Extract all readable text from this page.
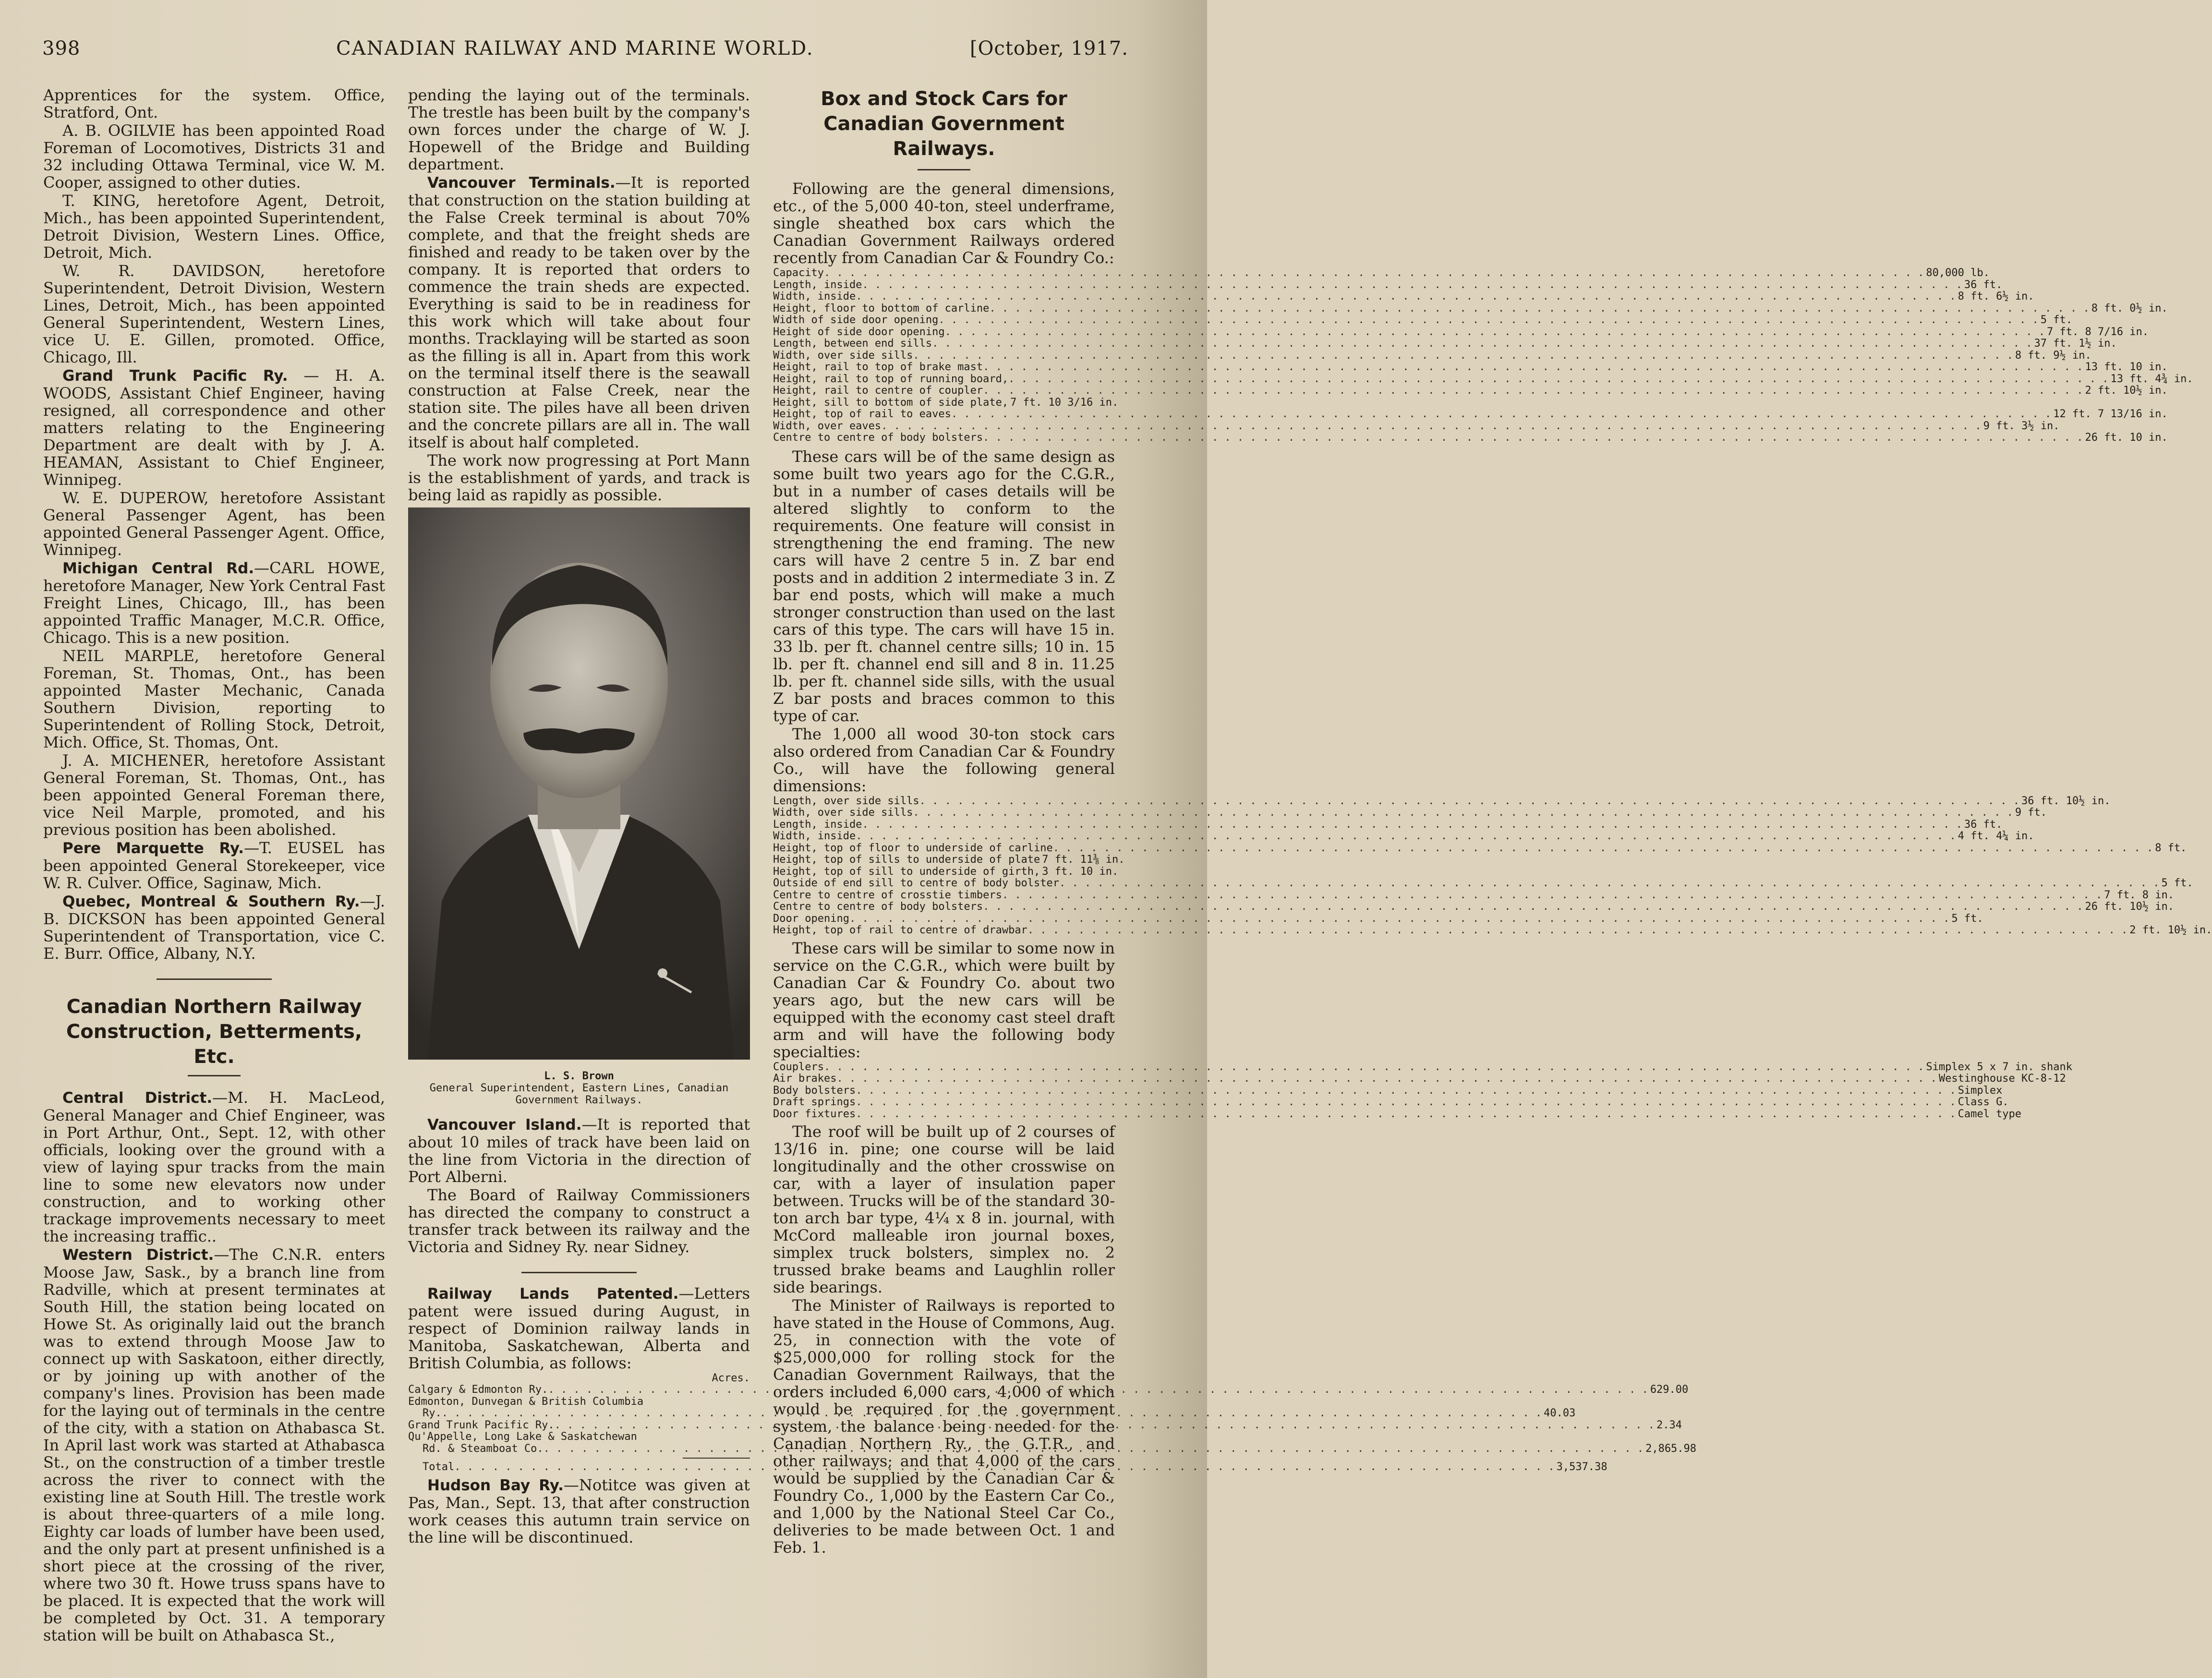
398	CANADIAN RAILWAY AND MARINE WORLD.	[October, 1917.

Apprentices for the system. Office, Stratford, Ont.

A. B. OGILVIE has been appointed Road Foreman of Locomotives, Districts 31 and 32 including Ottawa Terminal, vice W. M. Cooper, assigned to other duties.

T. KING, heretofore Agent, Detroit, Mich., has been appointed Superintendent, Detroit Division, Western Lines. Office, Detroit, Mich.

W. R. DAVIDSON, heretofore Superintendent, Detroit Division, Western Lines, Detroit, Mich., has been appointed General Superintendent, Western Lines, vice U. E. Gillen, promoted. Office, Chicago, Ill.

Grand Trunk Pacific Ry. — H. A. WOODS, Assistant Chief Engineer, having resigned, all correspondence and other matters relating to the Engineering Department are dealt with by J. A. HEAMAN, Assistant to Chief Engineer, Winnipeg.

W. E. DUPEROW, heretofore Assistant General Passenger Agent, has been appointed General Passenger Agent. Office, Winnipeg.

Michigan Central Rd.—CARL HOWE, heretofore Manager, New York Central Fast Freight Lines, Chicago, Ill., has been appointed Traffic Manager, M.C.R. Office, Chicago. This is a new position.

NEIL MARPLE, heretofore General Foreman, St. Thomas, Ont., has been appointed Master Mechanic, Canada Southern Division, reporting to Superintendent of Rolling Stock, Detroit, Mich. Office, St. Thomas, Ont.

J. A. MICHENER, heretofore Assistant General Foreman, St. Thomas, Ont., has been appointed General Foreman there, vice Neil Marple, promoted, and his previous position has been abolished.

Pere Marquette Ry.—T. EUSEL has been appointed General Storekeeper, vice W. R. Culver. Office, Saginaw, Mich.

Quebec, Montreal & Southern Ry.—J. B. DICKSON has been appointed General Superintendent of Transportation, vice C. E. Burr. Office, Albany, N.Y.

Canadian Northern Railway Construction, Betterments, Etc.

Central District.—M. H. MacLeod, General Manager and Chief Engineer, was in Port Arthur, Ont., Sept. 12, with other officials, looking over the ground with a view of laying spur tracks from the main line to some new elevators now under construction, and to working other trackage improvements necessary to meet the increasing traffic..

Western District.—The C.N.R. enters Moose Jaw, Sask., by a branch line from Radville, which at present terminates at South Hill, the station being located on Howe St. As originally laid out the branch was to extend through Moose Jaw to connect up with Saskatoon, either directly, or by joining up with another of the company's lines. Provision has been made for the laying out of terminals in the centre of the city, with a station on Athabasca St. In April last work was started at Athabasca St., on the construction of a timber trestle across the river to connect with the existing line at South Hill. The trestle work is about three-quarters of a mile long. Eighty car loads of lumber have been used, and the only part at present unfinished is a short piece at the crossing of the river, where two 30 ft. Howe truss spans have to be placed. It is expected that the work will be completed by Oct. 31. A temporary station will be built on Athabasca St.,

pending the laying out of the terminals. The trestle has been built by the company's own forces under the charge of W. J. Hopewell of the Bridge and Building department.

Vancouver Terminals.—It is reported that construction on the station building at the False Creek terminal is about 70% complete, and that the freight sheds are finished and ready to be taken over by the company. It is reported that orders to commence the train sheds are expected. Everything is said to be in readiness for this work which will take about four months. Tracklaying will be started as soon as the filling is all in. Apart from this work on the terminal itself there is the seawall construction at False Creek, near the station site. The piles have all been driven and the concrete pillars are all in. The wall itself is about half completed.

The work now progressing at Port Mann is the establishment of yards, and track is being laid as rapidly as possible.

L. S. Brown
General Superintendent, Eastern Lines, Canadian Government Railways.

Vancouver Island.—It is reported that about 10 miles of track have been laid on the line from Victoria in the direction of Port Alberni.

The Board of Railway Commissioners has directed the company to construct a transfer track between its railway and the Victoria and Sidney Ry. near Sidney.

Railway Lands Patented.—Letters patent were issued during August, in respect of Dominion railway lands in Manitoba, Saskatchewan, Alberta and British Columbia, as follows:

Acres.
Calgary & Edmonton Ry. . . .	629.00
Edmonton, Dunvegan & British Columbia
Ry. . . .	40.03
Grand Trunk Pacific Ry. . . .	2.34
Qu'Appelle, Long Lake & Saskatchewan
Rd. & Steamboat Co. . . .	2,865.98
Total . . .	3,537.38

Hudson Bay Ry.—Notitce was given at Pas, Man., Sept. 13, that after construction work ceases this autumn train service on the line will be discontinued.

Box and Stock Cars for Canadian Government Railways.

Following are the general dimensions, etc., of the 5,000 40-ton, steel underframe, single sheathed box cars which the Canadian Government Railways ordered recently from Canadian Car & Foundry Co.:

Capacity . . .	80,000 lb.
Length, inside . . .	36 ft.
Width, inside . . .	8 ft. 6½ in.
Height, floor to bottom of carline . . .	8 ft. 0½ in.
Width of side door opening . . .	5 ft.
Height of side door opening . . .	7 ft. 8 7/16 in.
Length, between end sills . . .	37 ft. 1½ in.
Width, over side sills . . .	8 ft. 9½ in.
Height, rail to top of brake mast . . .	13 ft. 10 in.
Height, rail to top of running board, . . .	13 ft. 4¾ in.
Height, rail to centre of coupler . . .	2 ft. 10½ in.
Height, sill to bottom of side plate, 7 ft. 10 3/16 in.
Height, top of rail to eaves . . .	12 ft. 7 13/16 in.
Width, over eaves . . .	9 ft. 3½ in.
Centre to centre of body bolsters . . .	26 ft. 10 in.

These cars will be of the same design as some built two years ago for the C.G.R., but in a number of cases details will be altered slightly to conform to the requirements. One feature will consist in strengthening the end framing. The new cars will have 2 centre 5 in. Z bar end posts and in addition 2 intermediate 3 in. Z bar end posts, which will make a much stronger construction than used on the last cars of this type. The cars will have 15 in. 33 lb. per ft. channel centre sills; 10 in. 15 lb. per ft. channel end sill and 8 in. 11.25 lb. per ft. channel side sills, with the usual Z bar posts and braces common to this type of car.

The 1,000 all wood 30-ton stock cars also ordered from Canadian Car & Foundry Co., will have the following general dimensions:

Length, over side sills . . .	36 ft. 10½ in.
Width, over side sills . . .	9 ft.
Length, inside . . .	36 ft.
Width, inside . . .	4 ft. 4¼ in.
Height, top of floor to underside of carline . . .	8 ft.
Height, top of sills to underside of plate 7 ft. 11⅜ in.
Height, top of sill to underside of girth, 3 ft. 10 in.
Outside of end sill to centre of body bolster . . .	5 ft.
Centre to centre of crosstie timbers . . .	7 ft. 8 in.
Centre to centre of body bolsters . . .	26 ft. 10½ in.
Door opening . . .	5 ft.
Height, top of rail to centre of drawbar . . .	2 ft. 10½ in.

These cars will be similar to some now in service on the C.G.R., which were built by Canadian Car & Foundry Co. about two years ago, but the new cars will be equipped with the economy cast steel draft arm and will have the following body specialties:

Couplers . . .	Simplex 5 x 7 in. shank
Air brakes . . .	Westinghouse KC-8-12
Body bolsters . . .	Simplex
Draft springs . . .	Class G.
Door fixtures . . .	Camel type

The roof will be built up of 2 courses of 13/16 in. pine; one course will be laid longitudinally and the other crosswise on car, with a layer of insulation paper between. Trucks will be of the standard 30-ton arch bar type, 4¼ x 8 in. journal, with McCord malleable iron journal boxes, simplex truck bolsters, simplex no. 2 trussed brake beams and Laughlin roller side bearings.

The Minister of Railways is reported to have stated in the House of Commons, Aug. 25, in connection with the vote of $25,000,000 for rolling stock for the Canadian Government Railways, that the orders included 6,000 cars, 4,000 of which would be required for the government system, the balance being needed for the Canadian Northern Ry., the G.T.R., and other railways; and that 4,000 of the cars would be supplied by the Canadian Car & Foundry Co., 1,000 by the Eastern Car Co., and 1,000 by the National Steel Car Co., deliveries to be made between Oct. 1 and Feb. 1.
